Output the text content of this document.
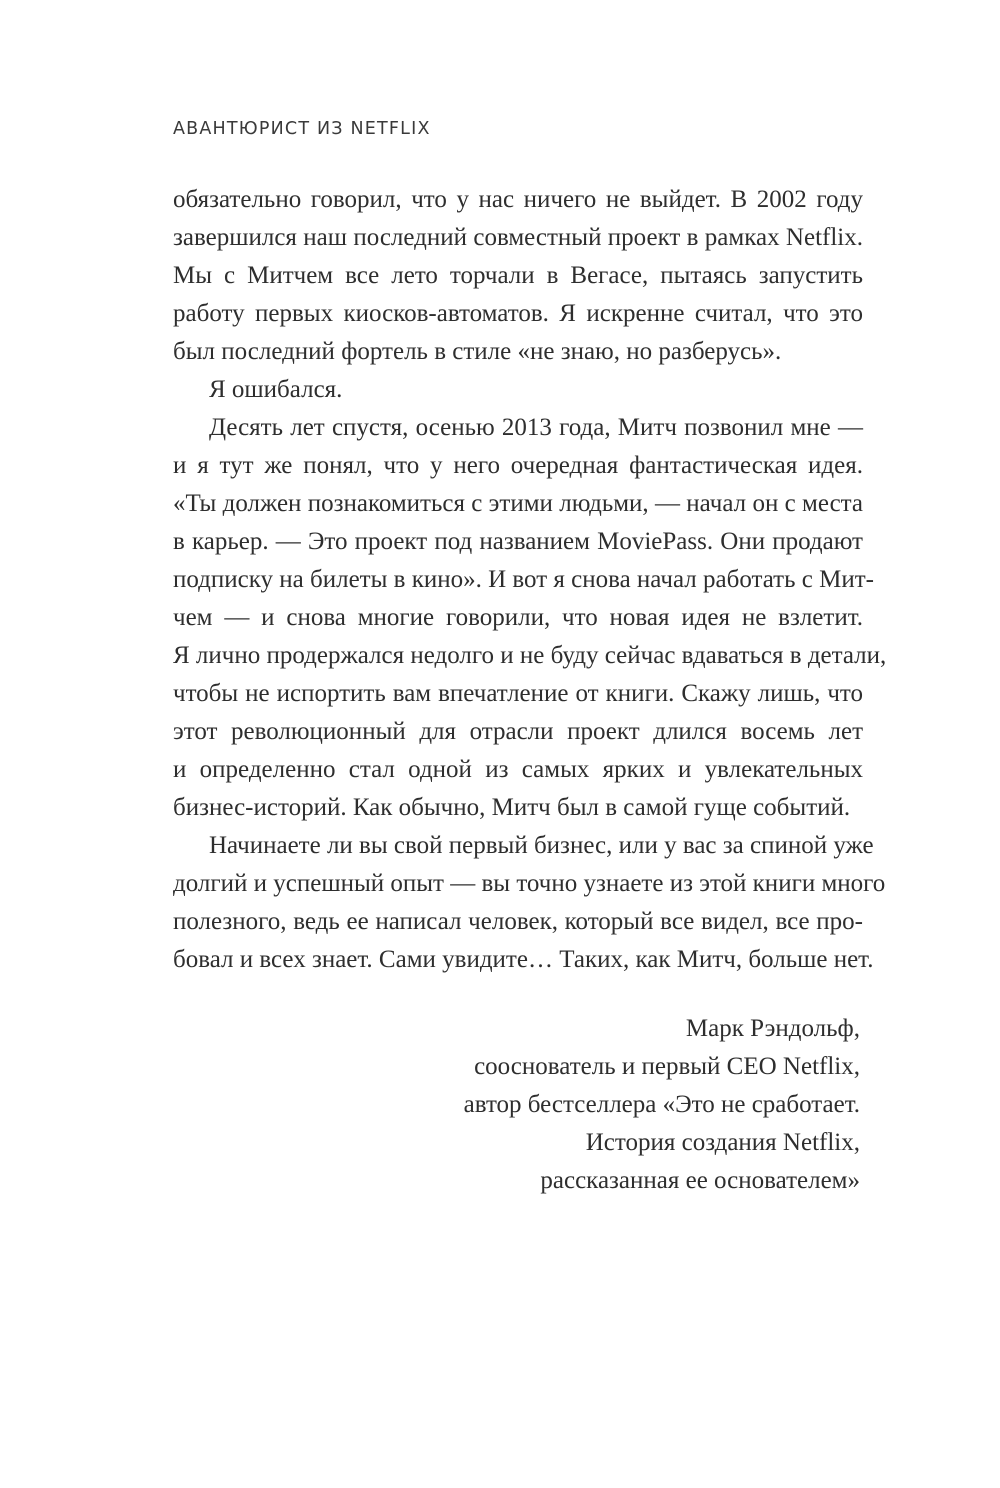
АВАНТЮРИСТ ИЗ NETFLIX
обязательно говорил, что у нас ничего не выйдет. В 2002 году
завершился наш последний совместный проект в рамках Netflix.
Мы с Митчем все лето торчали в Вегасе, пытаясь запустить
работу первых киосков-автоматов. Я искренне считал, что это
был последний фортель в стиле «не знаю, но разберусь».
Я ошибался.
Десять лет спустя, осенью 2013 года, Митч позвонил мне —
и я тут же понял, что у него очередная фантастическая идея.
«Ты должен познакомиться с этими людьми, — начал он с места
в карьер. — Это проект под названием MoviePass. Они продают
подписку на билеты в кино». И вот я снова начал работать с Мит-
чем — и снова многие говорили, что новая идея не взлетит.
Я лично продержался недолго и не буду сейчас вдаваться в детали,
чтобы не испортить вам впечатление от книги. Скажу лишь, что
этот революционный для отрасли проект длился восемь лет
и определенно стал одной из самых ярких и увлекательных
бизнес-историй. Как обычно, Митч был в самой гуще событий.
Начинаете ли вы свой первый бизнес, или у вас за спиной уже
долгий и успешный опыт — вы точно узнаете из этой книги много
полезного, ведь ее написал человек, который все видел, все про-
бовал и всех знает. Сами увидите… Таких, как Митч, больше нет.
Марк Рэндольф,
сооснователь и первый CEO Netflix,
автор бестселлера «Это не сработает.
История создания Netflix,
рассказанная ее основателем»
